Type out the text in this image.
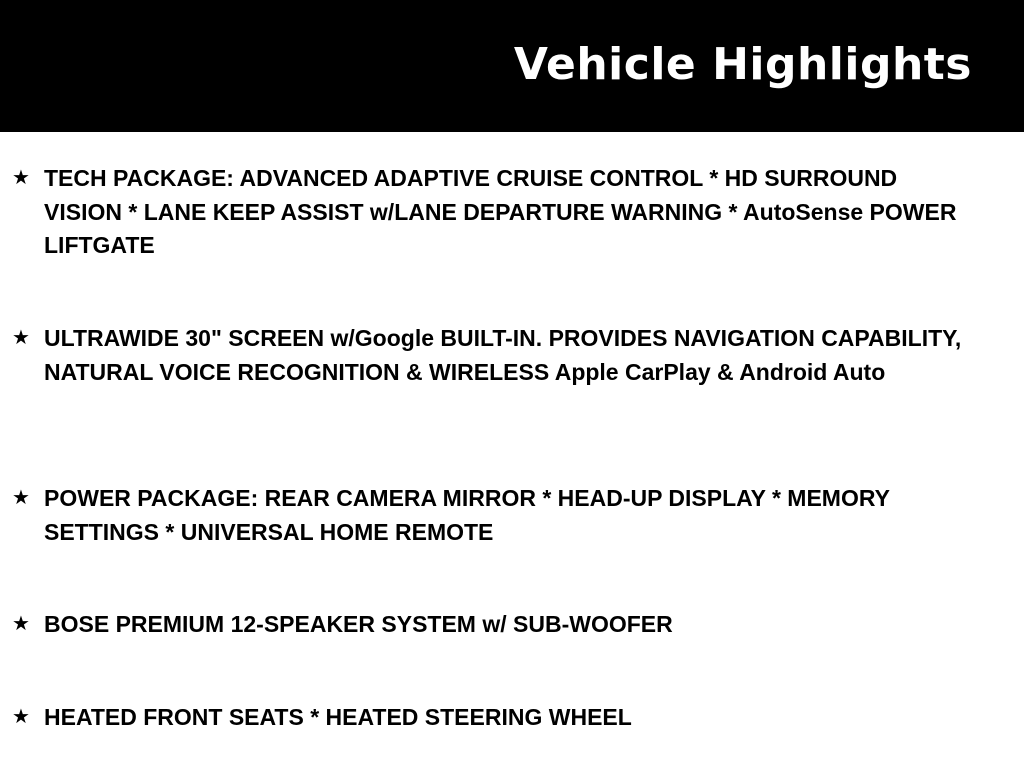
Vehicle Highlights
★ TECH PACKAGE: ADVANCED ADAPTIVE CRUISE CONTROL * HD SURROUND VISION * LANE KEEP ASSIST w/LANE DEPARTURE WARNING * AutoSense POWER LIFTGATE

★ ULTRAWIDE 30" SCREEN w/Google BUILT-IN. PROVIDES NAVIGATION CAPABILITY, NATURAL VOICE RECOGNITION & WIRELESS Apple CarPlay & Android Auto

★ POWER PACKAGE: REAR CAMERA MIRROR * HEAD-UP DISPLAY * MEMORY SETTINGS * UNIVERSAL HOME REMOTE

★ BOSE PREMIUM 12-SPEAKER SYSTEM w/ SUB-WOOFER

★ HEATED FRONT SEATS * HEATED STEERING WHEEL
